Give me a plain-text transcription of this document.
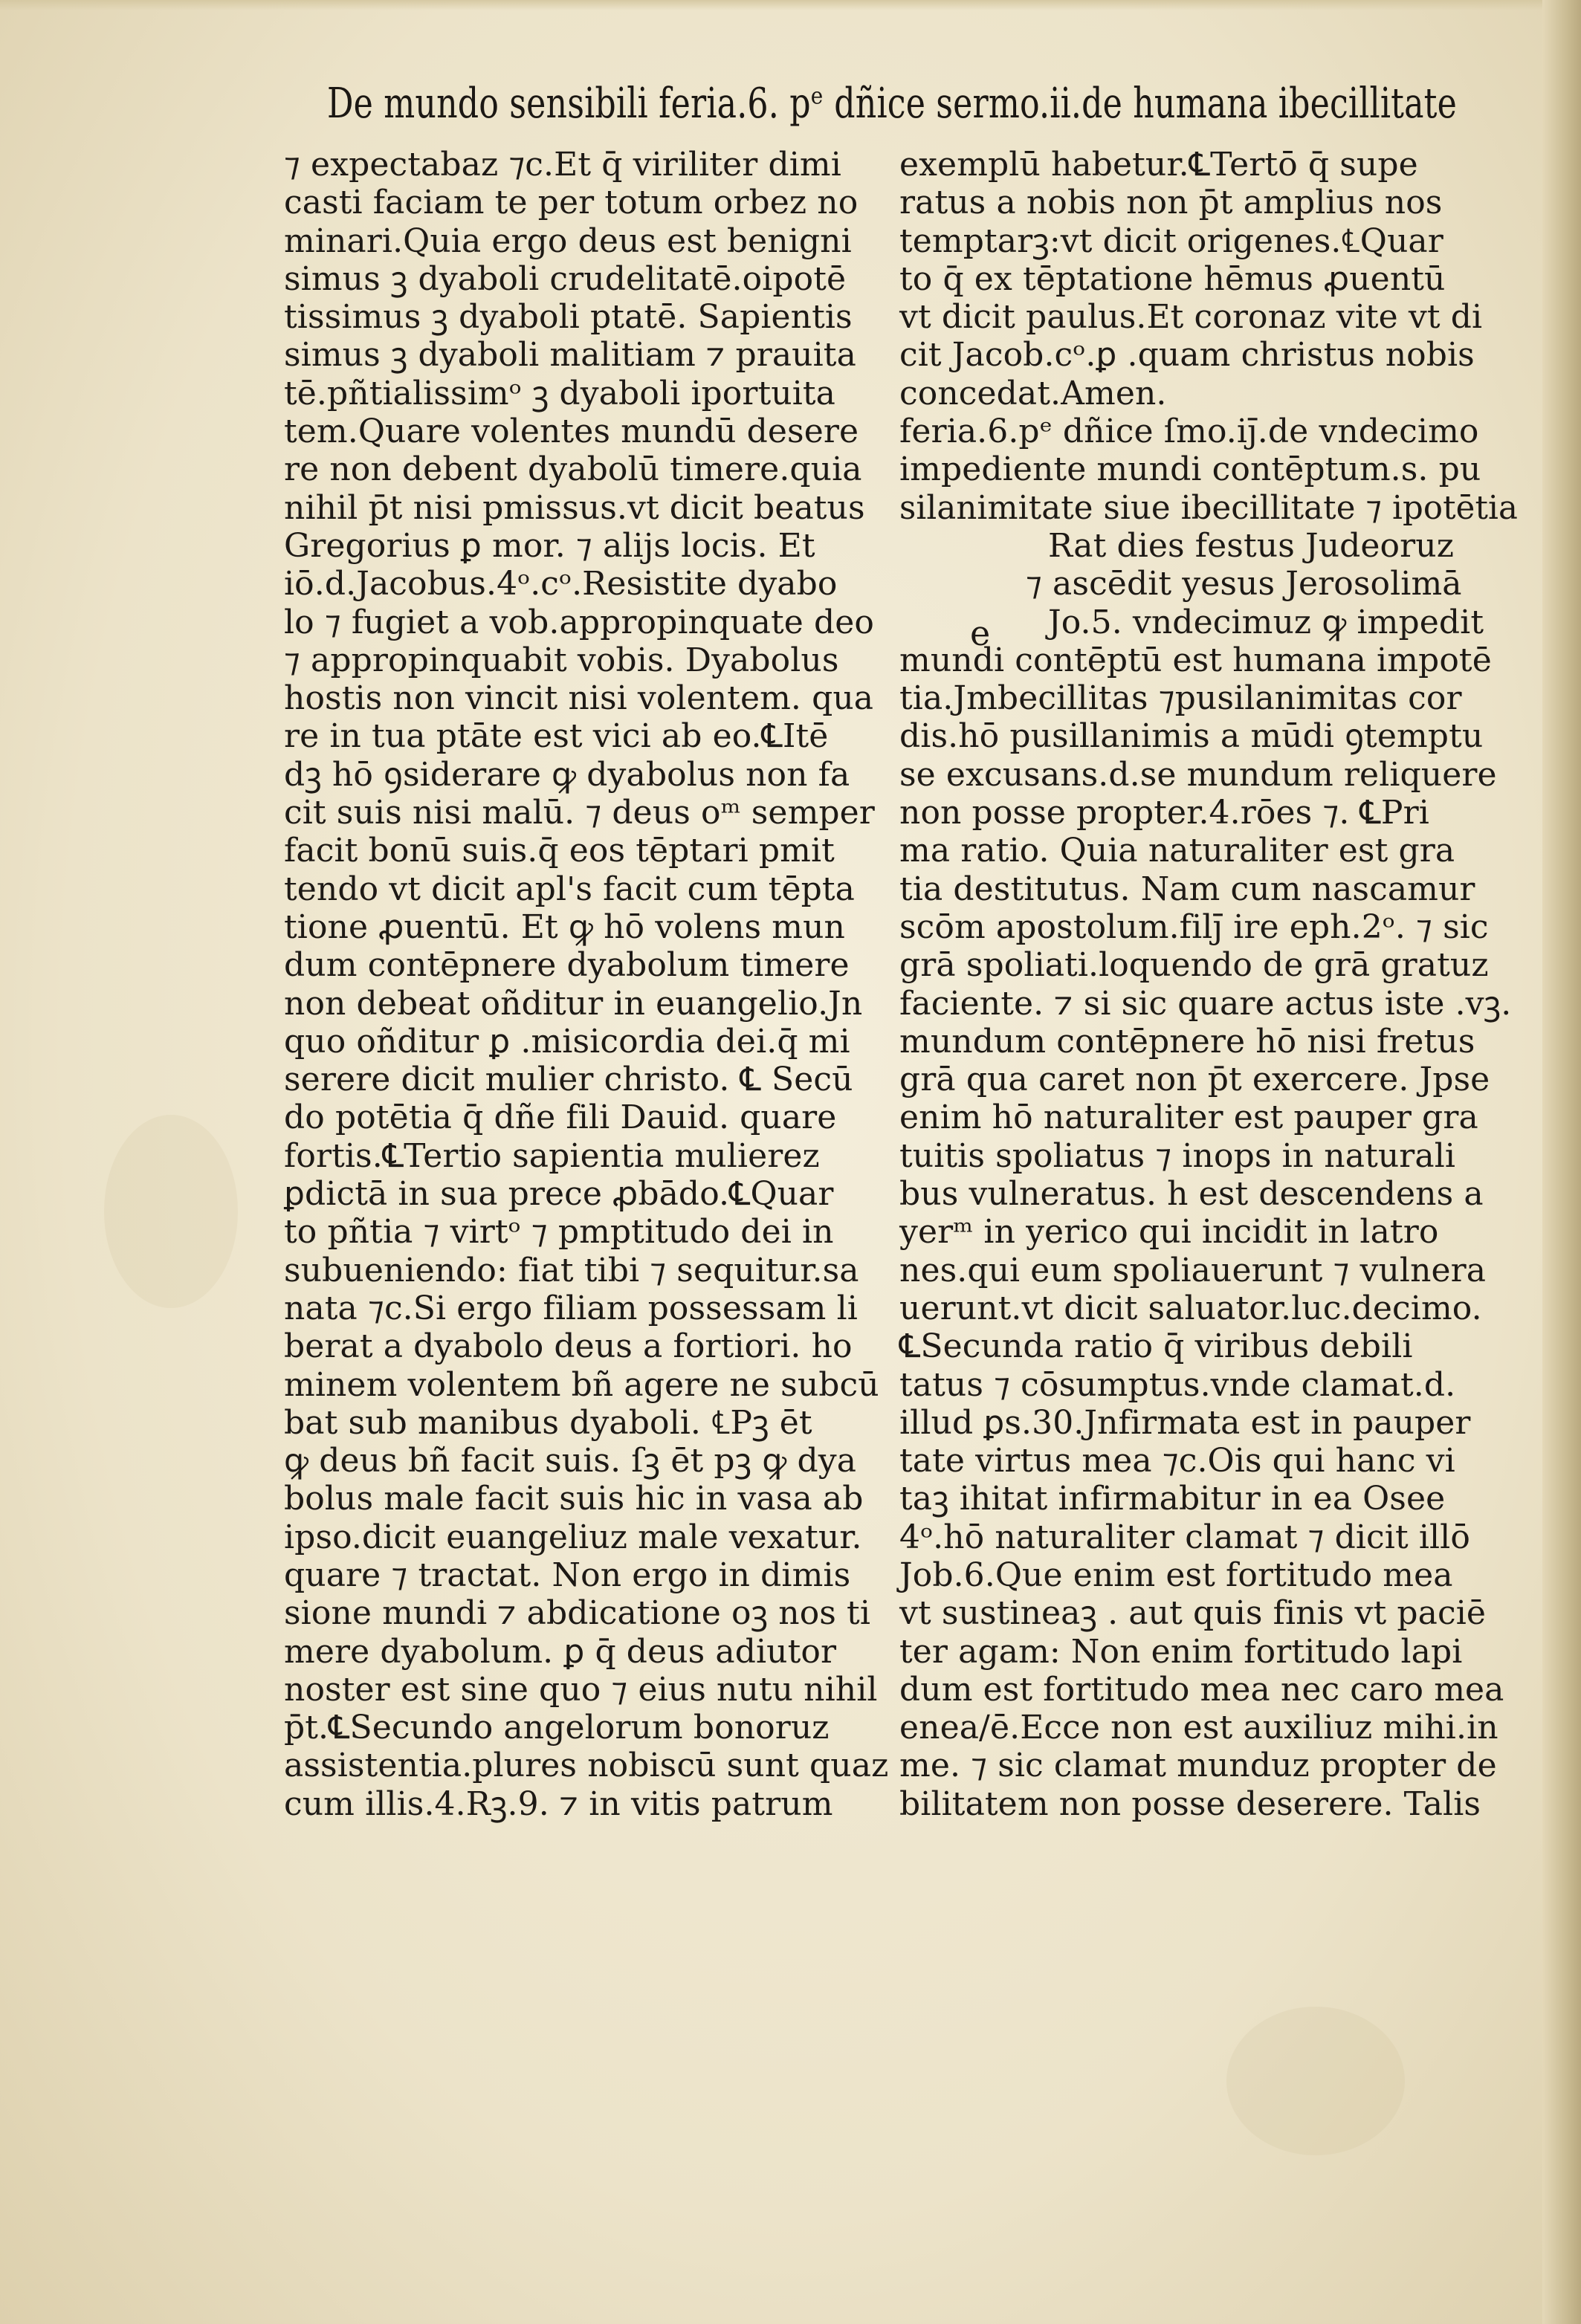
De mundo sensibili feria.6. pᵉ dñice sermo.ii.de humana ibecillitate
⁊ expectabaz ⁊c.Et q̄ viriliter dimi
casti faciam te per totum orbez no
minari.Quia ergo deus est benigni
simus ꝫ dyaboli crudelitatē.oipotē
tissimus ꝫ dyaboli ptatē. Sapientis
simus ꝫ dyaboli malitiam ⁊ prauita
tē.pñtialissimᵒ ꝫ dyaboli iportuita
tem.Quare volentes mundū desere
re non debent dyabolū timere.quia
nihil p̄t nisi pmissus.vt dicit beatus
Gregorius ꝑ mor. ⁊ alijs locis. Et
iō.d.Jacobus.4ᵒ.cᵒ.Resistite dyabo
lo ⁊ fugiet a vob.appropinquate deo
⁊ appropinquabit vobis. Dyabolus
hostis non vincit nisi volentem. qua
re in tua ptāte est vici ab eo.℄Itē
dꝫ hō ꝯsiderare ꝙ dyabolus non fa
cit suis nisi malū. ⁊ deus oᵐ semper
facit bonū suis.q̄ eos tēptari pmit
tendo vt dicit apl's facit cum tēpta
tione ꝓuentū. Et ꝙ hō volens mun
dum contēpnere dyabolum timere
non debeat oñditur in euangelio.Jn
quo oñditur ꝑ .misicordia dei.q̄ mi
serere dicit mulier christo. ℄ Secū
do potētia q̄ dñe fili Dauid. quare
fortis.℄Tertio sapientia mulierez
ꝑdictā in sua prece ꝓbādo.℄Quar
to pñtia ⁊ virtᵒ ⁊ pmptitudo dei in
subueniendo: fiat tibi ⁊ sequitur.sa
nata ⁊c.Si ergo filiam possessam li
berat a dyabolo deus a fortiori. ho
minem volentem bñ agere ne subcū
bat sub manibus dyaboli. ℄Pꝫ ēt
ꝙ deus bñ facit suis. ſꝫ ēt pꝫ ꝙ dya
bolus male facit suis hic in vasa ab
ipso.dicit euangeliuz male vexatur.
quare ⁊ tractat. Non ergo in dimis
sione mundi ⁊ abdicatione oꝫ nos ti
mere dyabolum. ꝑ q̄ deus adiutor
noster est sine quo ⁊ eius nutu nihil
p̄t.℄Secundo angelorum bonoruz
assistentia.plures nobiscū sunt quaz
cum illis.4.Rꝫ.9. ⁊ in vitis patrum
exemplū habetur.℄Tertō q̄ supe
ratus a nobis non p̄t amplius nos
temptarꝫ:vt dicit origenes.℄Quar
to q̄ ex tēptatione hēmus ꝓuentū
vt dicit paulus.Et coronaz vite vt di
cit Jacob.cᵒ.ꝑ .quam christus nobis
concedat.Amen.
feria.6.pᵉ dñice ſmo.iȷ̄.de vndecimo
impediente mundi contēptum.s. pu
silanimitate siue ibecillitate ⁊ ipotētia
Rat dies festus Judeoruz
⁊ ascēdit yesus Jerosolimā
Jo.5. vndecimuz ꝙ impedit
mundi contēptū est humana impotē
tia.Jmbecillitas ⁊pusilanimitas cor
dis.hō pusillanimis a mūdi ꝯtemptu
se excusans.d.se mundum reliquere
non posse propter.4.rōes ⁊. ℄Pri
ma ratio. Quia naturaliter est gra
tia destitutus. Nam cum nascamur
scōm apostolum.filȷ̄ ire eph.2ᵒ. ⁊ sic
grā spoliati.loquendo de grā gratuz
faciente. ⁊ si sic quare actus iste .vꝫ.
mundum contēpnere hō nisi fretus
grā qua caret non p̄t exercere. Jpse
enim hō naturaliter est pauper gra
tuitis spoliatus ⁊ inops in naturali
bus vulneratus. h est descendens a
yerᵐ in yerico qui incidit in latro
nes.qui eum spoliauerunt ⁊ vulnera
uerunt.vt dicit saluator.luc.decimo.
℄Secunda ratio q̄ viribus debili
tatus ⁊ cōsumptus.vnde clamat.d.
illud ꝑs.30.Jnfirmata est in pauper
tate virtus mea ⁊c.Ois qui hanc vi
taꝫ ihitat infirmabitur in ea Osee
4ᵒ.hō naturaliter clamat ⁊ dicit illō
Job.6.Que enim est fortitudo mea
vt sustineaꝫ . aut quis finis vt paciē
ter agam: Non enim fortitudo lapi
dum est fortitudo mea nec caro mea
enea/ē.Ecce non est auxiliuz mihi.in
me. ⁊ sic clamat munduz propter de
bilitatem non posse deserere. Talis
e
